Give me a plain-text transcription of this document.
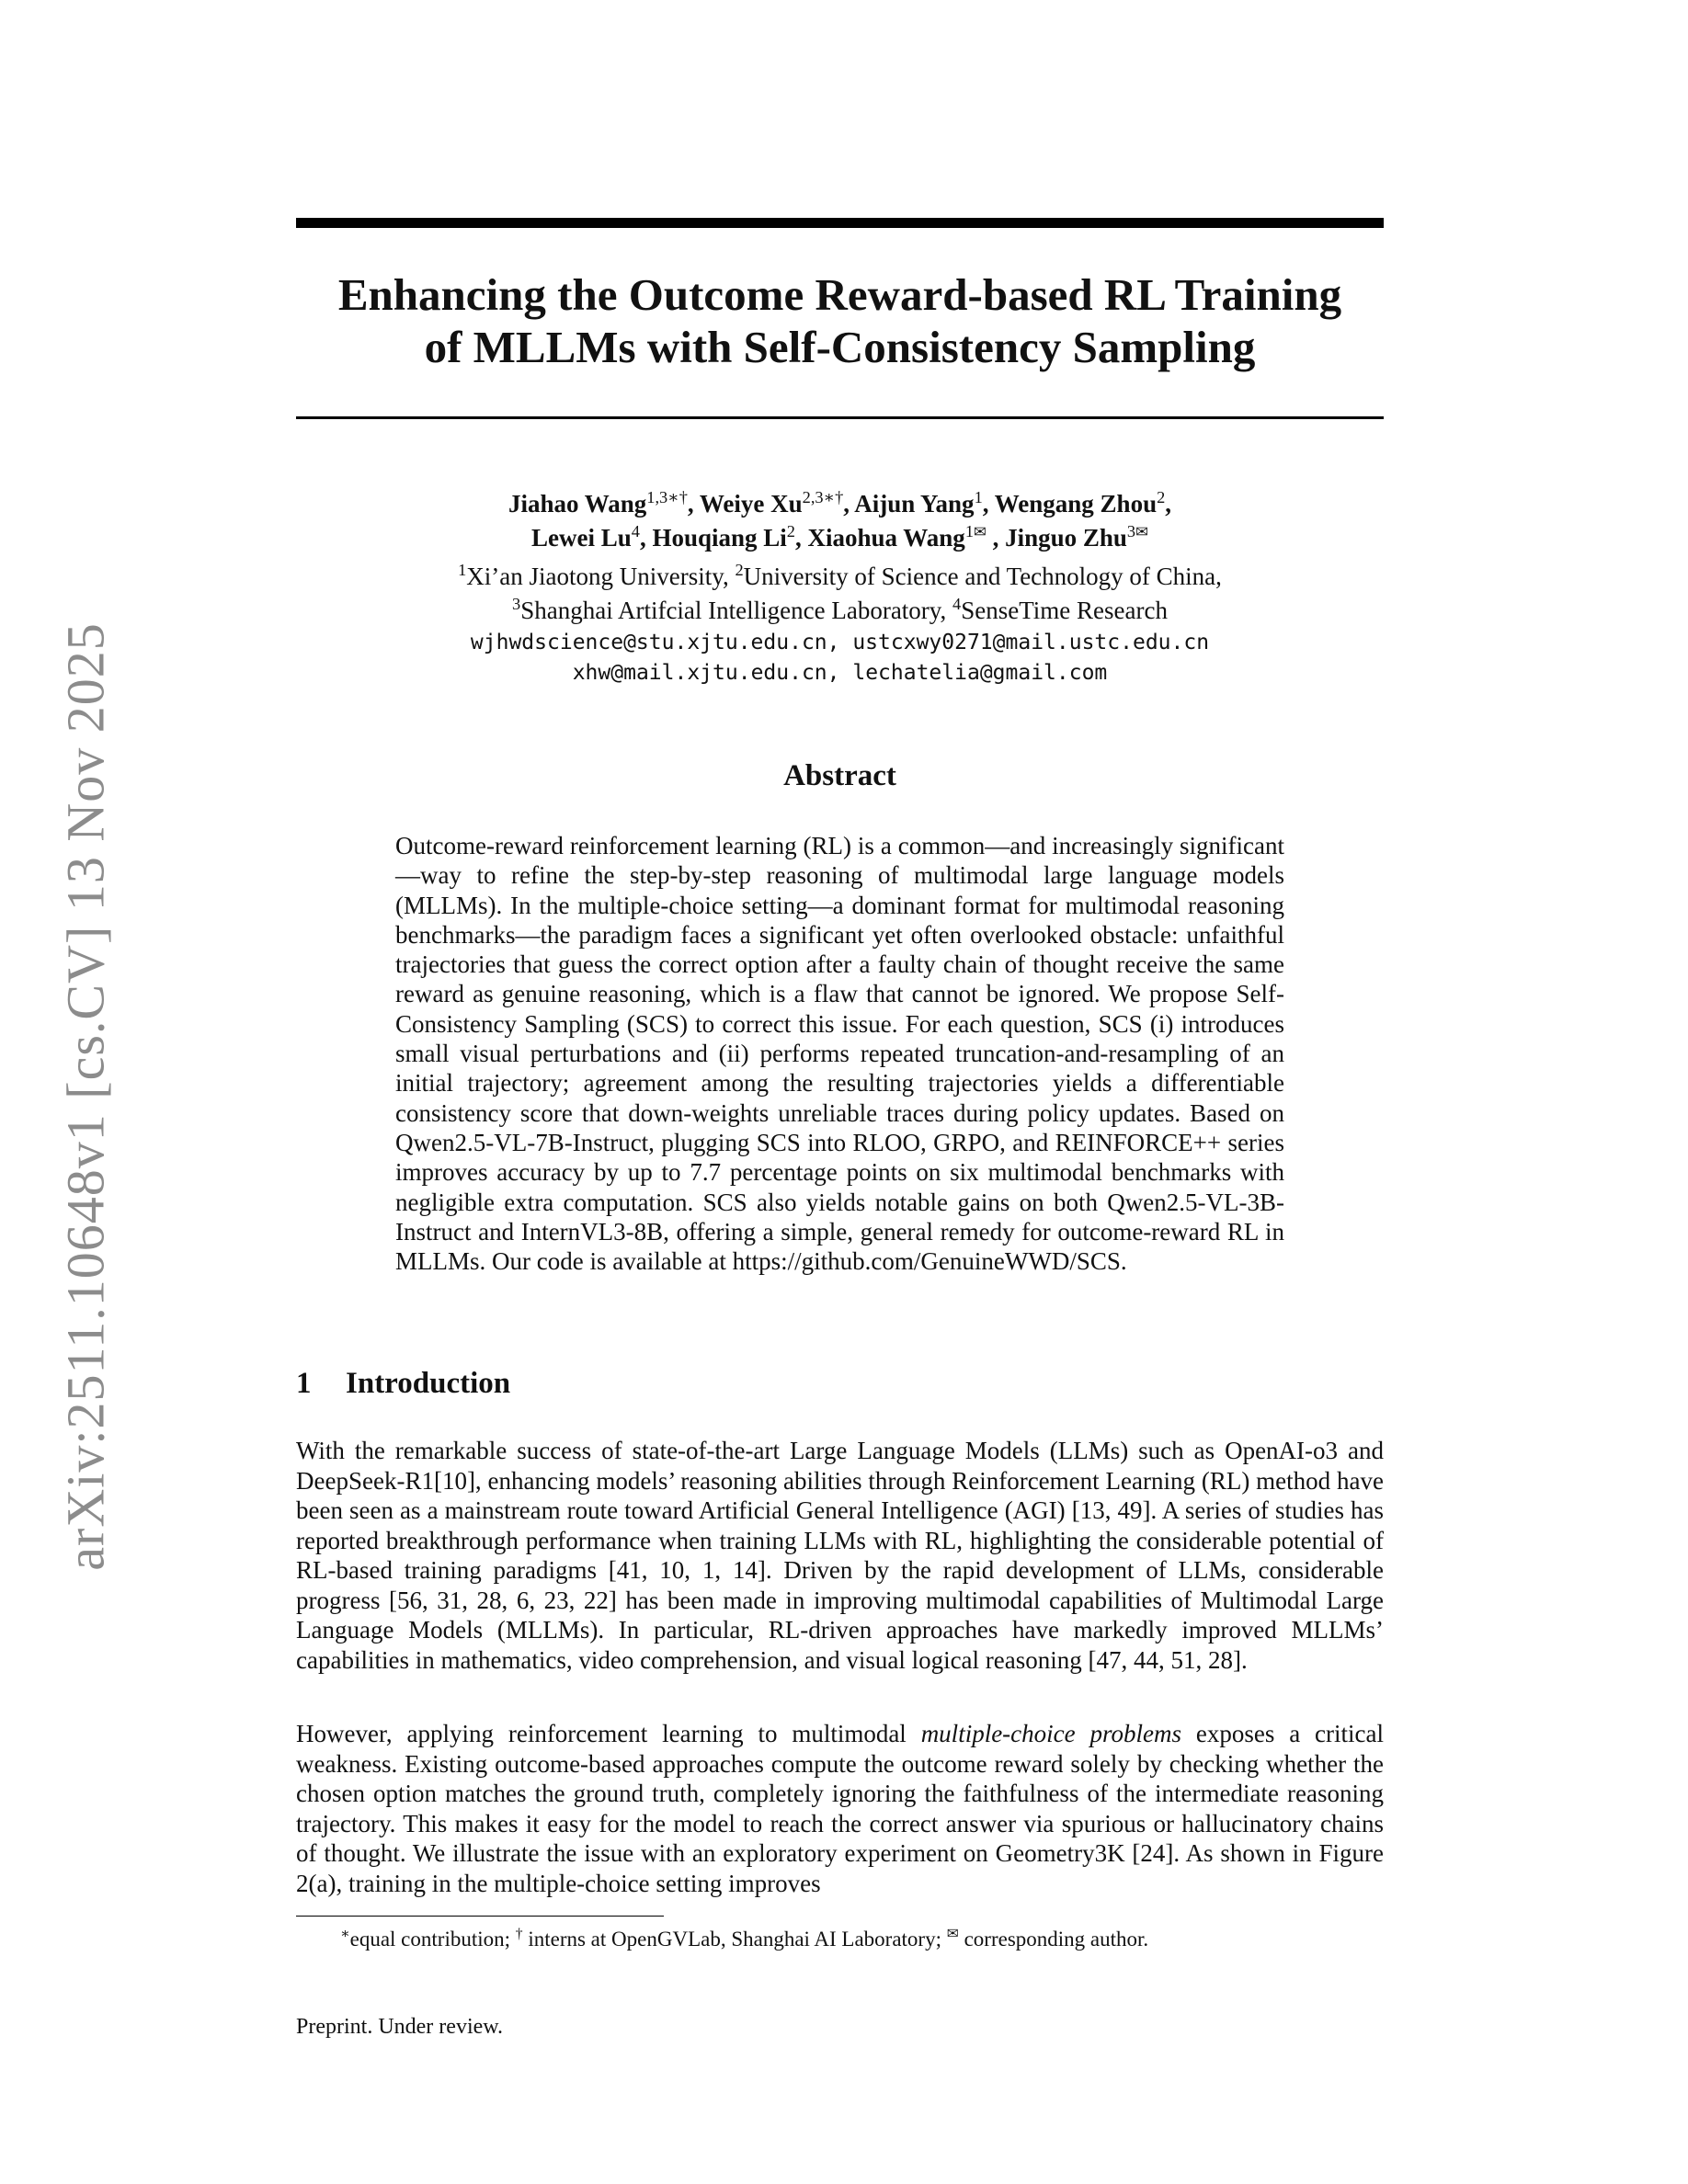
arXiv:2511.10648v1 [cs.CV] 13 Nov 2025
Enhancing the Outcome Reward-based RL Training
of MLLMs with Self-Consistency Sampling
Jiahao Wang$^{1,3∗\dagger}$, Weiye $Xu^{2,3∗\dagger}$, Aijun Yang$^1$, Wengang Zhou$^2$,
Lewei Lu$^4$, Houqiang Li$^2$, Xiaohua Wang$^{1✉}$ , Jinguo Zhu$^{3✉}$
$^1$Xi’an Jiaotong University, $^2$University of Science and Technology of China,
$^3$Shanghai Artifcial Intelligence Laboratory, $^4$SenseTime Research
wjhwdscience@stu.xjtu.edu.cn, ustcxwy0271@mail.ustc.edu.cn
xhw@mail.xjtu.edu.cn, lechatelia@gmail.com
Abstract
Outcome-reward reinforcement learning (RL) is a common—and increasingly significant—way to refine the step-by-step reasoning of multimodal large language models (MLLMs). In the multiple-choice setting—a dominant format for multimodal reasoning benchmarks—the paradigm faces a significant yet often overlooked obstacle: unfaithful trajectories that guess the correct option after a faulty chain of thought receive the same reward as genuine reasoning, which is a flaw that cannot be ignored. We propose Self-Consistency Sampling (SCS) to correct this issue. For each question, SCS (i) introduces small visual perturbations and (ii) performs repeated truncation-and-resampling of an initial trajectory; agreement among the resulting trajectories yields a differentiable consistency score that down-weights unreliable traces during policy updates. Based on Qwen2.5-VL-7B-Instruct, plugging SCS into RLOO, GRPO, and REINFORCE++ series improves accuracy by up to 7.7 percentage points on six multimodal benchmarks with negligible extra computation. SCS also yields notable gains on both Qwen2.5-VL-3B-Instruct and InternVL3-8B, offering a simple, general remedy for outcome-reward RL in MLLMs. Our code is available at https://github.com/GenuineWWD/SCS.
1 Introduction
With the remarkable success of state-of-the-art Large Language Models (LLMs) such as OpenAI-o3 and DeepSeek-R1[10], enhancing models’ reasoning abilities through Reinforcement Learning (RL) method have been seen as a mainstream route toward Artificial General Intelligence (AGI) [13, 49]. A series of studies has reported breakthrough performance when training LLMs with RL, highlighting the considerable potential of RL-based training paradigms [41, 10, 1, 14]. Driven by the rapid development of LLMs, considerable progress [56, 31, 28, 6, 23, 22] has been made in improving multimodal capabilities of Multimodal Large Language Models (MLLMs). In particular, RL-driven approaches have markedly improved MLLMs’ capabilities in mathematics, video comprehension, and visual logical reasoning [47, 44, 51, 28].
However, applying reinforcement learning to multimodal multiple-choice problems exposes a critical weakness. Existing outcome-based approaches compute the outcome reward solely by checking whether the chosen option matches the ground truth, completely ignoring the faithfulness of the intermediate reasoning trajectory. This makes it easy for the model to reach the correct answer via spurious or hallucinatory chains of thought. We illustrate the issue with an exploratory experiment on Geometry3K [24]. As shown in Figure 2(a), training in the multiple-choice setting improves
∗equal contribution; † interns at OpenGVLab, Shanghai AI Laboratory; ✉ corresponding author.
Preprint. Under review.
